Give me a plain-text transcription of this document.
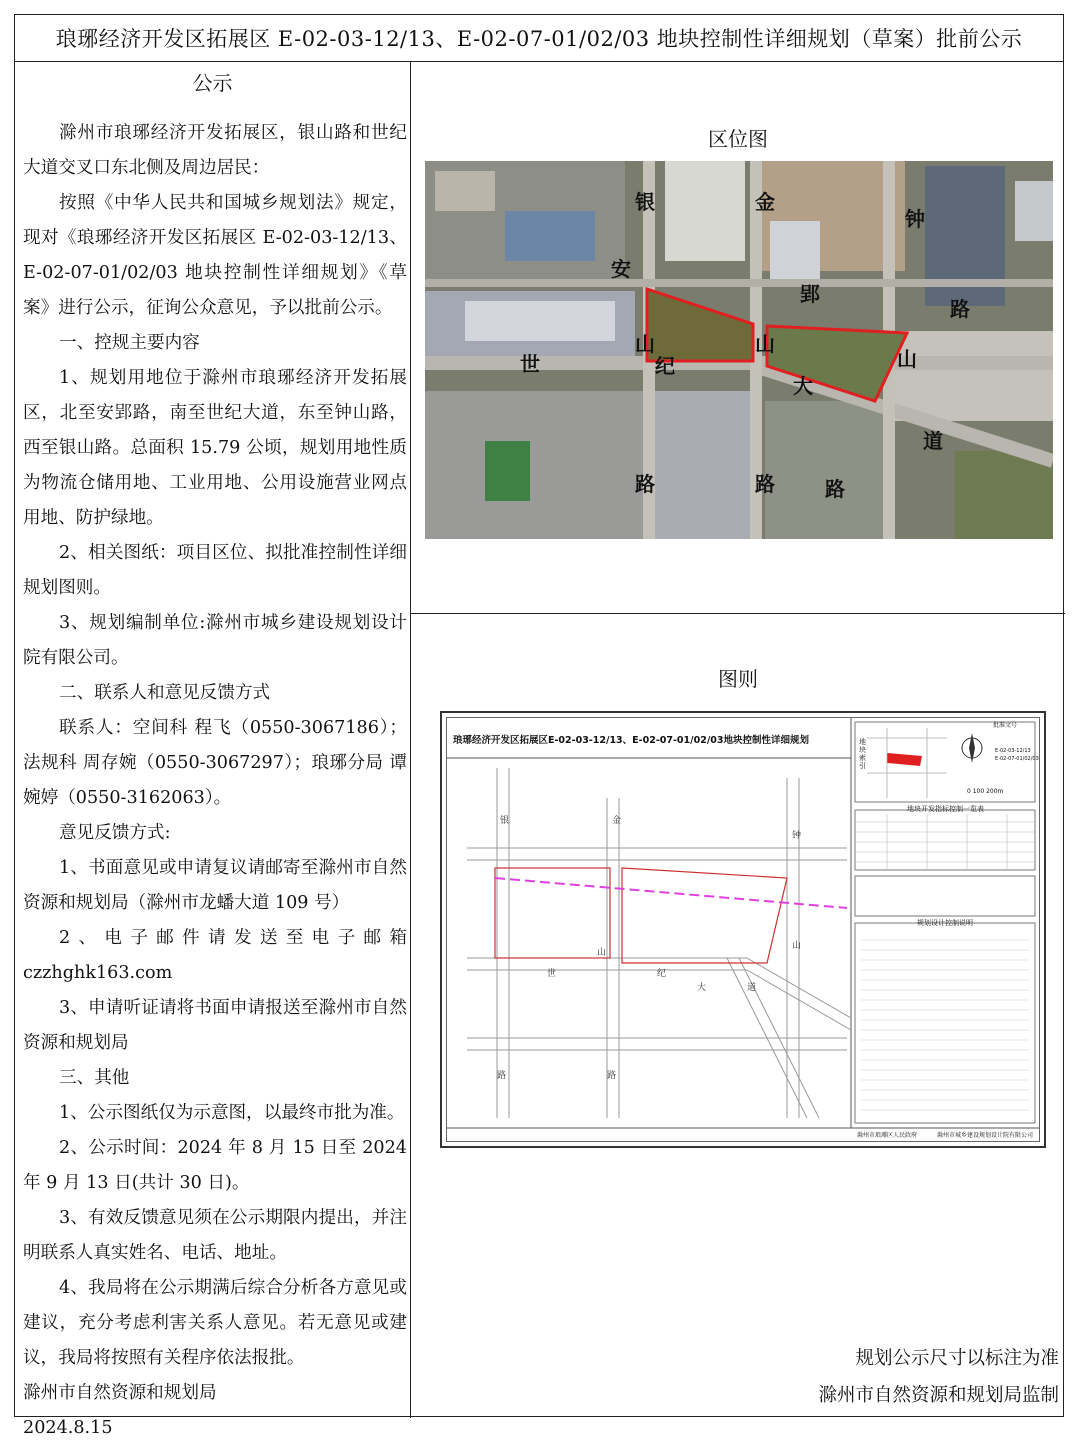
琅琊经济开发区拓展区 E-02-03-12/13、E-02-07-01/02/03 地块控制性详细规划（草案）批前公示
公示

滁州市琅琊经济开发拓展区，银山路和世纪大道交叉口东北侧及周边居民：

按照《中华人民共和国城乡规划法》规定，现对《琅琊经济开发区拓展区 E-02-03-12/13、E-02-07-01/02/03 地块控制性详细规划》《草案》进行公示，征询公众意见，予以批前公示。

一、控规主要内容

1、规划用地位于滁州市琅琊经济开发拓展区，北至安郢路，南至世纪大道，东至钟山路，西至银山路。总面积 15.79 公顷，规划用地性质为物流仓储用地、工业用地、公用设施营业网点用地、防护绿地。

2、相关图纸：项目区位、拟批准控制性详细规划图则。

3、规划编制单位:滁州市城乡建设规划设计院有限公司。

二、联系人和意见反馈方式

联系人：空间科 程飞（0550-3067186）；法规科 周存婉（0550-3067297）；琅琊分局 谭婉婷（0550-3162063）。

意见反馈方式:

1、书面意见或申请复议请邮寄至滁州市自然资源和规划局（滁州市龙蟠大道 109 号）

2、电子邮件请发送至电子邮箱

czzhghk163.com

3、申请听证请将书面申请报送至滁州市自然资源和规划局

三、其他

1、公示图纸仅为示意图，以最终市批为准。

2、公示时间：2024 年 8 月 15 日至 2024 年 9 月 13 日(共计 30 日)。

3、有效反馈意见须在公示期限内提出，并注明联系人真实姓名、电话、地址。

4、我局将在公示期满后综合分析各方意见或建议，充分考虑利害关系人意见。若无意见或建议，我局将按照有关程序依法报批。

滁州市自然资源和规划局

2024.8.15

区位图
银
安
山
金
郢
山
钟
路
山
世	纪
大
道
路	路	路
图则
琅琊经济开发区拓展区E-02-03-12/13、E-02-07-01/02/03地块控制性详细规划
银	金
钟
山
世	纪
大	道
山
路
路
地块索引
0 100 200m
批准文号
E-02-03-12/13
E-02-07-01/02/03
地块开发指标控制一览表
规划设计控制说明
滁州市琅琊区人民政府	滁州市城乡建设规划设计院有限公司
规划公示尺寸以标注为准
滁州市自然资源和规划局监制
